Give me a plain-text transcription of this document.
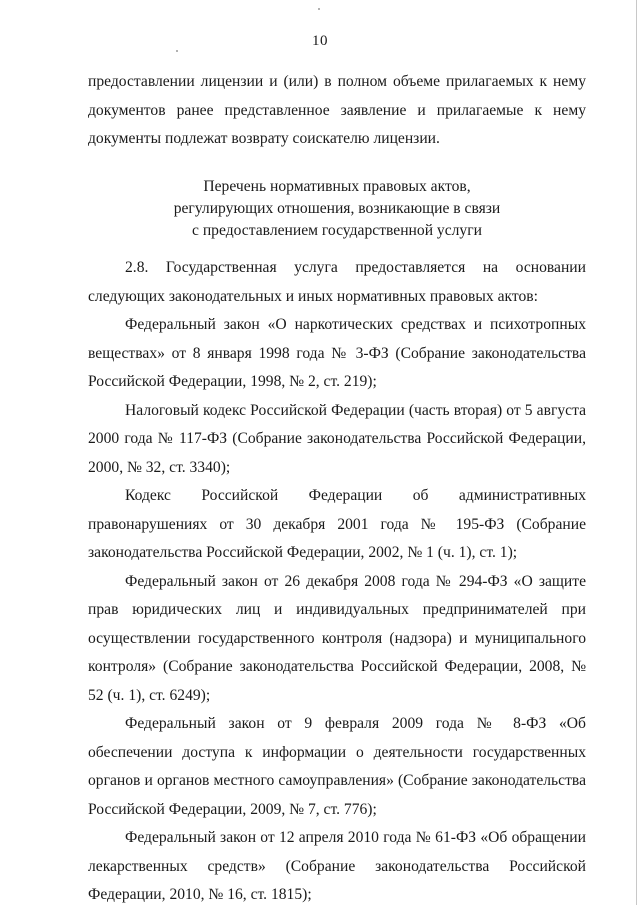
10

предоставлении лицензии и (или) в полном объеме прилагаемых к нему документов ранее представленное заявление и прилагаемые к нему документы подлежат возврату соискателю лицензии.

Перечень нормативных правовых актов,
регулирующих отношения, возникающие в связи
с предоставлением государственной услуги

2.8. Государственная услуга предоставляется на основании следующих законодательных и иных нормативных правовых актов:

Федеральный закон «О наркотических средствах и психотропных веществах» от 8 января 1998 года № 3-ФЗ (Собрание законодательства Российской Федерации, 1998, № 2, ст. 219);

Налоговый кодекс Российской Федерации (часть вторая) от 5 августа 2000 года № 117-ФЗ (Собрание законодательства Российской Федерации, 2000, № 32, ст. 3340);

Кодекс Российской Федерации об административных правонарушениях от 30 декабря 2001 года № 195-ФЗ (Собрание законодательства Российской Федерации, 2002, № 1 (ч. 1), ст. 1);

Федеральный закон от 26 декабря 2008 года № 294-ФЗ «О защите прав юридических лиц и индивидуальных предпринимателей при осуществлении государственного контроля (надзора) и муниципального контроля» (Собрание законодательства Российской Федерации, 2008, № 52 (ч. 1), ст. 6249);

Федеральный закон от 9 февраля 2009 года № 8-ФЗ «Об обеспечении доступа к информации о деятельности государственных органов и органов местного самоуправления» (Собрание законодательства Российской Федерации, 2009, № 7, ст. 776);

Федеральный закон от 12 апреля 2010 года № 61-ФЗ «Об обращении лекарственных средств» (Собрание законодательства Российской Федерации, 2010, № 16, ст. 1815);
